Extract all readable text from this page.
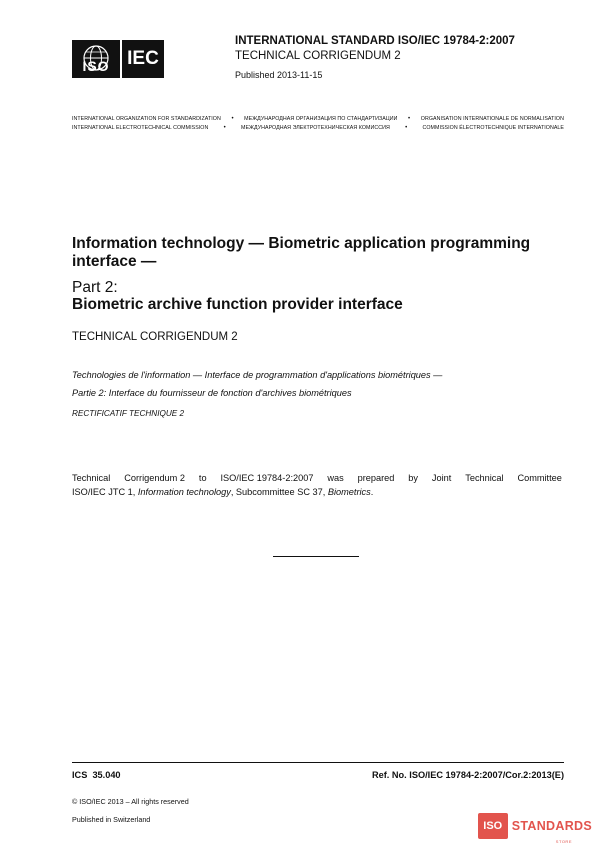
ISO IEC
INTERNATIONAL STANDARD ISO/IEC 19784-2:2007
TECHNICAL CORRIGENDUM 2
Published 2013-11-15
INTERNATIONAL ORGANIZATION FOR STANDARDIZATION • МЕЖДУНАРОДНАЯ ОРГАНИЗАЦИЯ ПО СТАНДАРТИЗАЦИИ • ORGANISATION INTERNATIONALE DE NORMALISATION
INTERNATIONAL ELECTROTECHNICAL COMMISSION	•	МЕЖДУНАРОДНАЯ ЭЛЕКТРОТЕХНИЧЕСКАЯ КОМИССИЯ	•	COMMISSION ÉLECTROTECHNIQUE INTERNATIONALE
Information technology — Biometric application programming interface —
Part 2:
Biometric archive function provider interface
TECHNICAL CORRIGENDUM 2
Technologies de l'information — Interface de programmation d'applications biométriques —
Partie 2: Interface du fournisseur de fonction d'archives biométriques
RECTIFICATIF TECHNIQUE 2
Technical Corrigendum 2 to ISO/IEC 19784-2:2007 was prepared by Joint Technical Committee
ISO/IEC JTC 1, Information technology, Subcommittee SC 37, Biometrics.
ICS 35.040	Ref. No. ISO/IEC 19784-2:2007/Cor.2:2013(E)
© ISO/IEC 2013 – All rights reserved
Published in Switzerland
ISO STANDARDS
STORE
